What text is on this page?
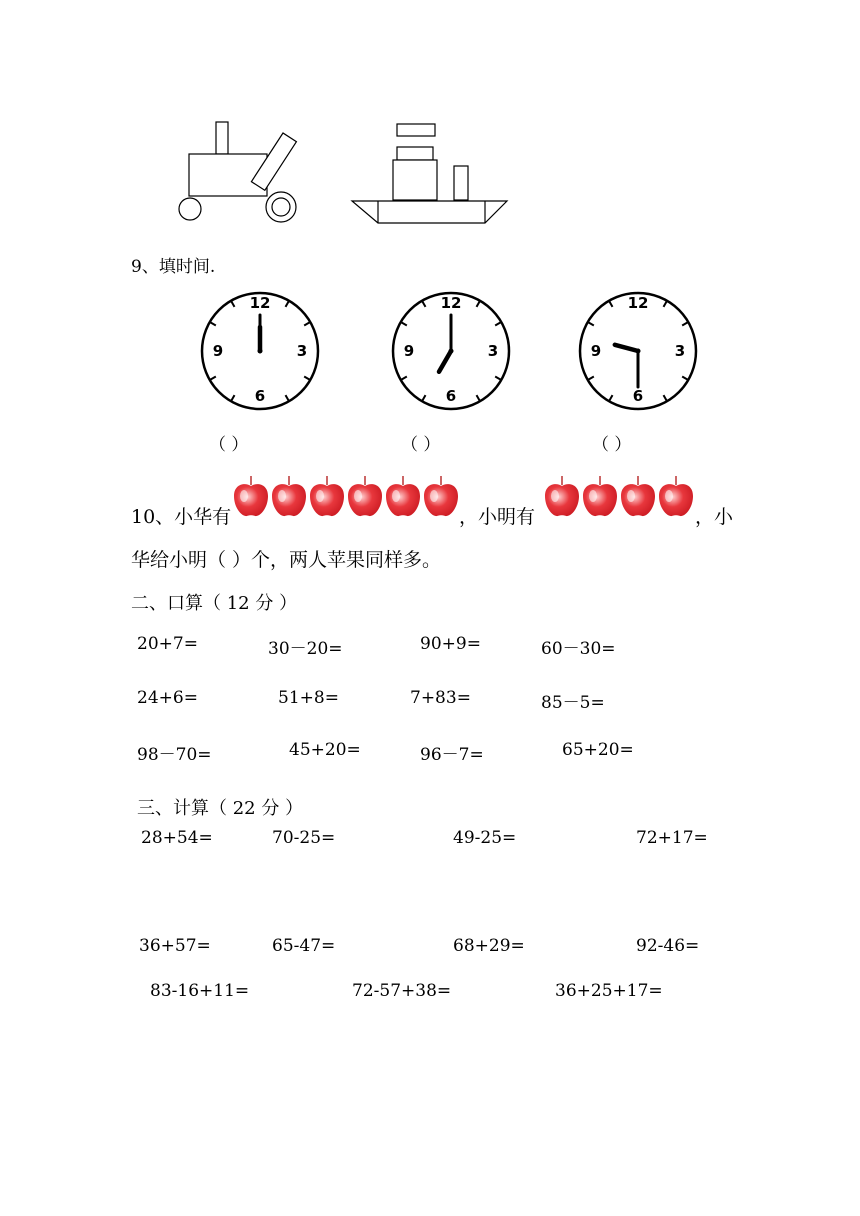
9、填时间.
12
3
6
9
12
3
6
9
12
3
6
9
（ ）	（ ）	（ ）
10、小华有	，小明有	，小
华给小明（ ）个，两人苹果同样多。
二、口算（ 12 分 ）
20+7=	30－20=	90+9=	60－30=
24+6=	51+8=	7+83=	85－5=
98－70=	45+20=	96－7=	65+20=
三、计算（ 22 分 ）
28+54=	70-25=	49-25=	72+17=
36+57=	65-47=	68+29=	92-46=
83-16+11=	72-57+38=	36+25+17=
